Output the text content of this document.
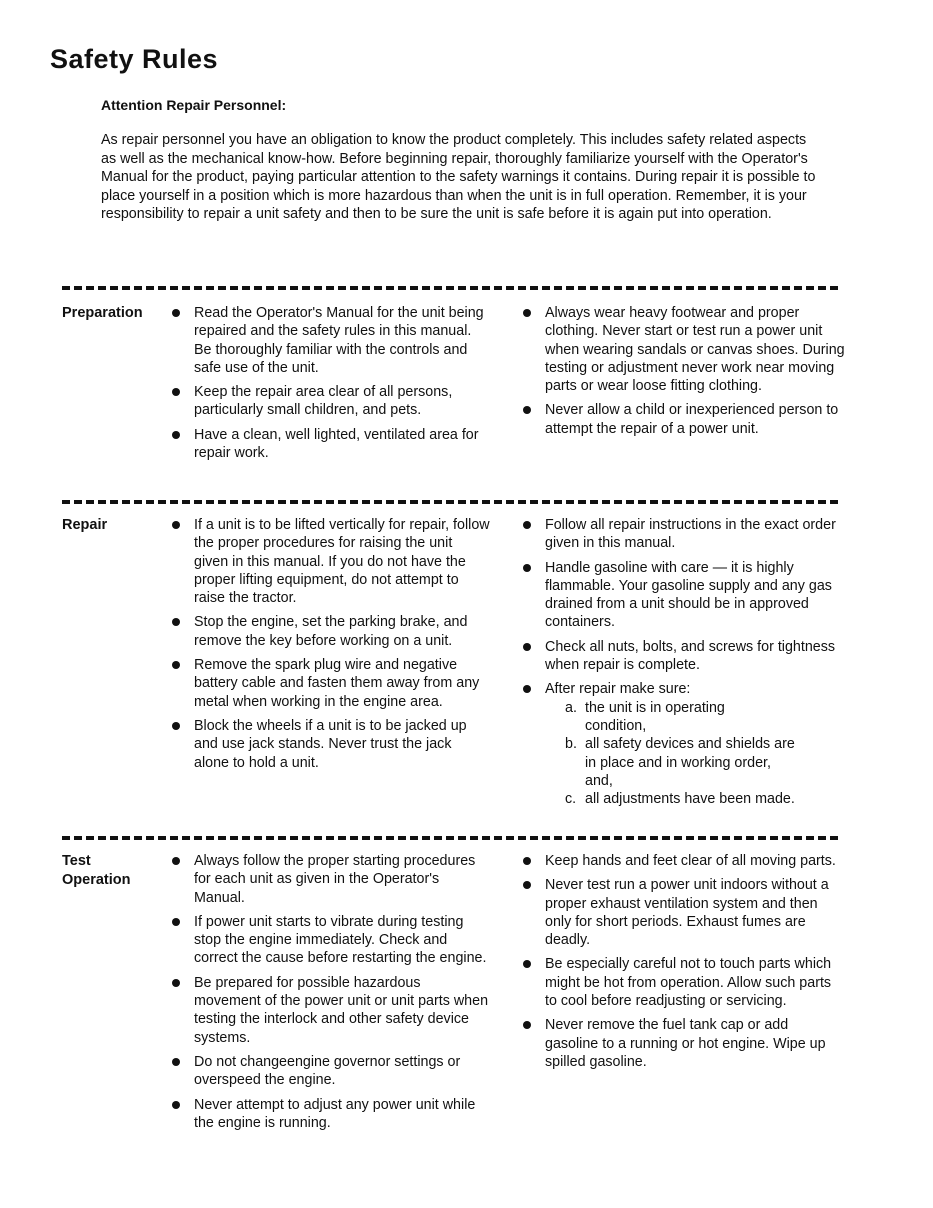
Safety Rules
Attention Repair Personnel:

As repair personnel you have an obligation to know the product completely. This includes safety related aspects as well as the mechanical know-how. Before beginning repair, thoroughly familiarize yourself with the Operator's Manual for the product, paying particular attention to the safety warnings it contains. During repair it is possible to place yourself in a position which is more hazardous than when the unit is in full operation. Remember, it is your responsibility to repair a unit safety and then to be sure the unit is safe before it is again put into operation.

Preparation	Read the Operator's Manual for the unit being repaired and the safety rules in this manual. Be thoroughly familiar with the controls and safe use of the unit.
Keep the repair area clear of all persons, particularly small children, and pets.
Have a clean, well lighted, ventilated area for repair work.
Always wear heavy footwear and proper clothing. Never start or test run a power unit when wearing sandals or canvas shoes. During testing or adjustment never work near moving parts or wear loose fitting clothing.
Never allow a child or inexperienced person to attempt the repair of a power unit.
Repair	If a unit is to be lifted vertically for repair, follow the proper procedures for raising the unit given in this manual. If you do not have the proper lifting equipment, do not attempt to raise the tractor.
Stop the engine, set the parking brake, and remove the key before working on a unit.
Remove the spark plug wire and negative battery cable and fasten them away from any metal when working in the engine area.
Block the wheels if a unit is to be jacked up and use jack stands. Never trust the jack alone to hold a unit.
Follow all repair instructions in the exact order given in this manual.
Handle gasoline with care — it is highly flammable. Your gasoline supply and any gas drained from a unit should be in approved containers.
Check all nuts, bolts, and screws for tightness when repair is complete.
After repair make sure:
a. the unit is in operating condition,
b. all safety devices and shields are in place and in working order, and,
c. all adjustments have been made.
Test
Operation
Always follow the proper starting procedures for each unit as given in the Operator's Manual.
If power unit starts to vibrate during testing stop the engine immediately. Check and correct the cause before restarting the engine.
Be prepared for possible hazardous movement of the power unit or unit parts when testing the interlock and other safety device systems.
Do not changeengine governor settings or overspeed the engine.
Never attempt to adjust any power unit while the engine is running.
Keep hands and feet clear of all moving parts.
Never test run a power unit indoors without a proper exhaust ventilation system and then only for short periods. Exhaust fumes are deadly.
Be especially careful not to touch parts which might be hot from operation. Allow such parts to cool before readjusting or servicing.
Never remove the fuel tank cap or add gasoline to a running or hot engine. Wipe up spilled gasoline.
